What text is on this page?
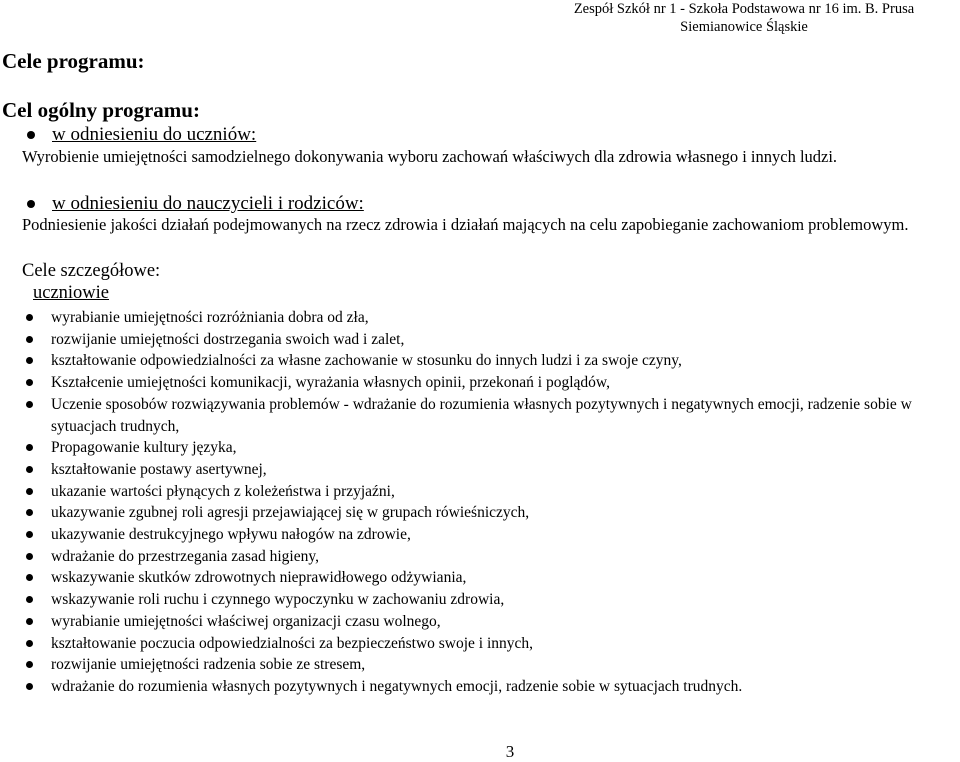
Zespół Szkół nr 1 - Szkoła Podstawowa nr 16 im. B. Prusa
Siemianowice Śląskie
Cele programu:
Cel ogólny programu:
w odniesieniu do uczniów:
Wyrobienie umiejętności samodzielnego dokonywania wyboru zachowań właściwych dla zdrowia własnego i innych ludzi.
w odniesieniu do nauczycieli i rodziców:
Podniesienie jakości działań podejmowanych na rzecz zdrowia i działań mających na celu zapobieganie zachowaniom problemowym.
Cele szczegółowe:
uczniowie
wyrabianie umiejętności rozróżniania dobra od zła,
rozwijanie umiejętności dostrzegania swoich wad i zalet,
kształtowanie odpowiedzialności za własne zachowanie w stosunku do innych ludzi i za swoje czyny,
Kształcenie umiejętności komunikacji, wyrażania własnych opinii, przekonań i poglądów,
Uczenie sposobów rozwiązywania problemów - wdrażanie do rozumienia własnych pozytywnych i negatywnych emocji, radzenie sobie w sytuacjach trudnych,
Propagowanie kultury języka,
kształtowanie postawy asertywnej,
ukazanie wartości płynących z koleżeństwa i przyjaźni,
ukazywanie zgubnej roli agresji przejawiającej się w grupach rówieśniczych,
ukazywanie destrukcyjnego wpływu nałogów na zdrowie,
wdrażanie do przestrzegania zasad higieny,
wskazywanie skutków zdrowotnych nieprawidłowego odżywiania,
wskazywanie roli ruchu i czynnego wypoczynku w zachowaniu zdrowia,
wyrabianie umiejętności właściwej organizacji czasu wolnego,
kształtowanie poczucia odpowiedzialności za bezpieczeństwo swoje i innych,
rozwijanie umiejętności radzenia sobie ze stresem,
wdrażanie do rozumienia własnych pozytywnych i negatywnych emocji, radzenie sobie w sytuacjach trudnych.
3
